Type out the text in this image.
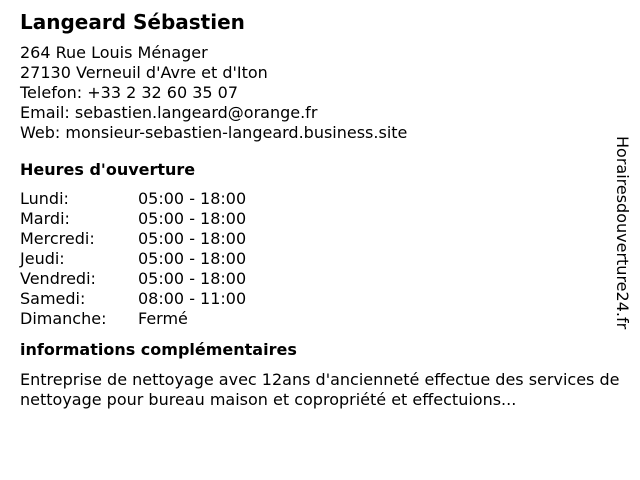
Langeard Sébastien
264 Rue Louis Ménager
27130 Verneuil d'Avre et d'Iton
Telefon: +33 2 32 60 35 07
Email: sebastien.langeard@orange.fr
Web: monsieur-sebastien-langeard.business.site
Heures d'ouverture
Lundi:	05:00 - 18:00
Mardi:	05:00 - 18:00
Mercredi:	05:00 - 18:00
Jeudi:	05:00 - 18:00
Vendredi:	05:00 - 18:00
Samedi:	08:00 - 11:00
Dimanche:	Fermé
informations complémentaires
Entreprise de nettoyage avec 12ans d'ancienneté effectue des services de nettoyage pour bureau maison et copropriété et effectuions...
Horairesdouverture24.fr
